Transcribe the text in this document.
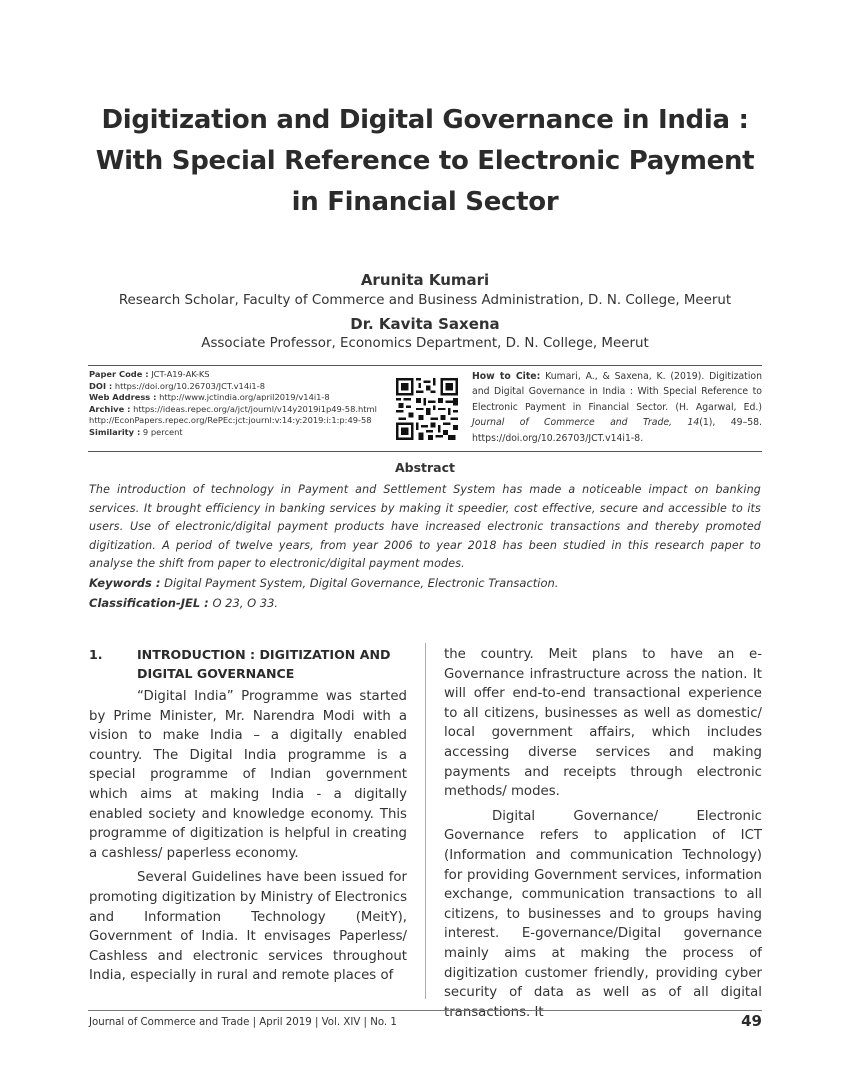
Digitization and Digital Governance in India :
With Special Reference to Electronic Payment
in Financial Sector
Arunita Kumari
Research Scholar, Faculty of Commerce and Business Administration, D. N. College, Meerut
Dr. Kavita Saxena
Associate Professor, Economics Department, D. N. College, Meerut
Paper Code : JCT-A19-AK-KS
DOI : https://doi.org/10.26703/JCT.v14i1-8
Web Address : http://www.jctindia.org/april2019/v14i1-8
Archive : https://ideas.repec.org/a/jct/journl/v14y2019i1p49-58.html
http://EconPapers.repec.org/RePEc:jct:journl:v:14:y:2019:i:1:p:49-58
Similarity : 9 percent
How to Cite: Kumari, A., & Saxena, K. (2019). Digitization and Digital Governance in India : With Special Reference to Electronic Payment in Financial Sector. (H. Agarwal, Ed.) Journal of Commerce and Trade, 14(1), 49–58. https://doi.org/10.26703/JCT.v14i1-8.
Abstract
The introduction of technology in Payment and Settlement System has made a noticeable impact on banking services. It brought efficiency in banking services by making it speedier, cost effective, secure and accessible to its users. Use of electronic/digital payment products have increased electronic transactions and thereby promoted digitization. A period of twelve years, from year 2006 to year 2018 has been studied in this research paper to analyse the shift from paper to electronic/digital payment modes.
Keywords : Digital Payment System, Digital Governance, Electronic Transaction.
Classification-JEL : O 23, O 33.
1.	INTRODUCTION : DIGITIZATION AND DIGITAL GOVERNANCE

“Digital India” Programme was started by Prime Minister, Mr. Narendra Modi with a vision to make India – a digitally enabled country. The Digital India programme is a special programme of Indian government which aims at making India - a digitally enabled society and knowledge economy. This programme of digitization is helpful in creating a cashless/ paperless economy.

Several Guidelines have been issued for promoting digitization by Ministry of Electronics and Information Technology (MeitY), Government of India. It envisages Paperless/ Cashless and electronic services throughout India, especially in rural and remote places of

the country. Meit plans to have an e-Governance infrastructure across the nation. It will offer end-to-end transactional experience to all citizens, businesses as well as domestic/ local government affairs, which includes accessing diverse services and making payments and receipts through electronic methods/ modes.

Digital Governance/ Electronic Governance refers to application of ICT (Information and communication Technology) for providing Government services, information exchange, communication transactions to all citizens, to businesses and to groups having interest. E-governance/Digital governance mainly aims at making the process of digitization customer friendly, providing cyber security of data as well as of all digital transactions. It

Journal of Commerce and Trade | April 2019 | Vol. XIV | No. 1	49
